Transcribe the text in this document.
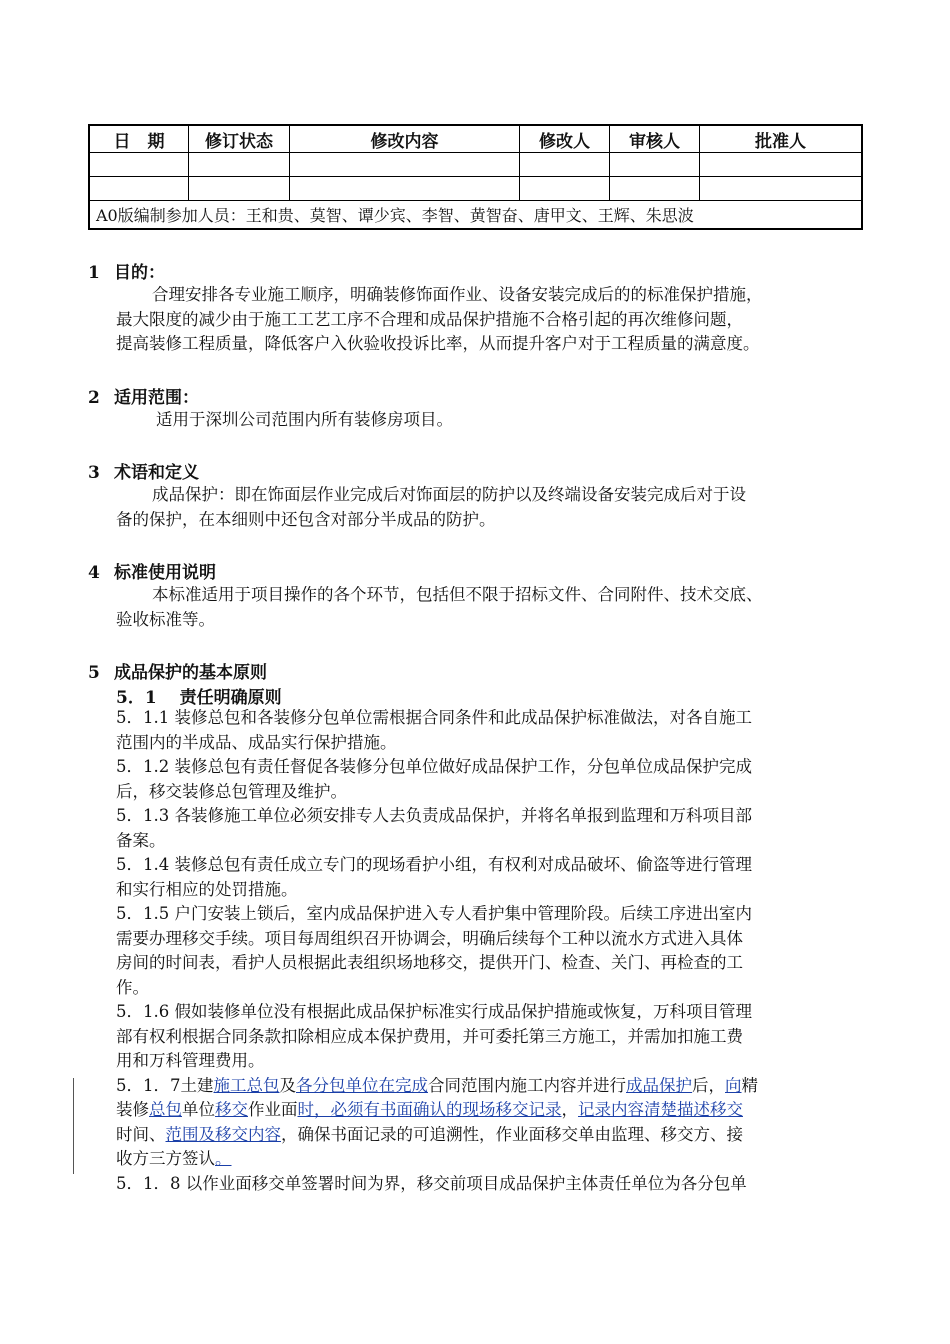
日　期	修订状态	修改内容	修改人	审核人	批准人

A0版编制参加人员：王和贵、莫智、谭少宾、李智、黄智奋、唐甲文、王辉、朱思波					
1 目的：
合理安排各专业施工顺序，明确装修饰面作业、设备安装完成后的的标准保护措施，
最大限度的减少由于施工工艺工序不合理和成品保护措施不合格引起的再次维修问题，
提高装修工程质量，降低客户入伙验收投诉比率，从而提升客户对于工程质量的满意度。
2 适用范围：
适用于深圳公司范围内所有装修房项目。
3 术语和定义
成品保护：即在饰面层作业完成后对饰面层的防护以及终端设备安装完成后对于设
备的保护，在本细则中还包含对部分半成品的防护。
4 标准使用说明
本标准适用于项目操作的各个环节，包括但不限于招标文件、合同附件、技术交底、
验收标准等。
5 成品保护的基本原则
5．1　 责任明确原则
5．1.1 装修总包和各装修分包单位需根据合同条件和此成品保护标准做法，对各自施工
范围内的半成品、成品实行保护措施。
5．1.2 装修总包有责任督促各装修分包单位做好成品保护工作，分包单位成品保护完成
后，移交装修总包管理及维护。
5．1.3 各装修施工单位必须安排专人去负责成品保护，并将名单报到监理和万科项目部
备案。
5．1.4 装修总包有责任成立专门的现场看护小组，有权利对成品破坏、偷盗等进行管理
和实行相应的处罚措施。
5．1.5 户门安装上锁后，室内成品保护进入专人看护集中管理阶段。后续工序进出室内
需要办理移交手续。项目每周组织召开协调会，明确后续每个工种以流水方式进入具体
房间的时间表，看护人员根据此表组织场地移交，提供开门、检查、关门、再检查的工
作。
5．1.6 假如装修单位没有根据此成品保护标准实行成品保护措施或恢复，万科项目管理
部有权利根据合同条款扣除相应成本保护费用，并可委托第三方施工，并需加扣施工费
用和万科管理费用。
5．1．7土建施工总包及各分包单位在完成合同范围内施工内容并进行成品保护后，向精
装修总包单位移交作业面时，必须有书面确认的现场移交记录，记录内容清楚描述移交
时间、范围及移交内容，确保书面记录的可追溯性，作业面移交单由监理、移交方、接
收方三方签认。
5．1．8 以作业面移交单签署时间为界，移交前项目成品保护主体责任单位为各分包单
